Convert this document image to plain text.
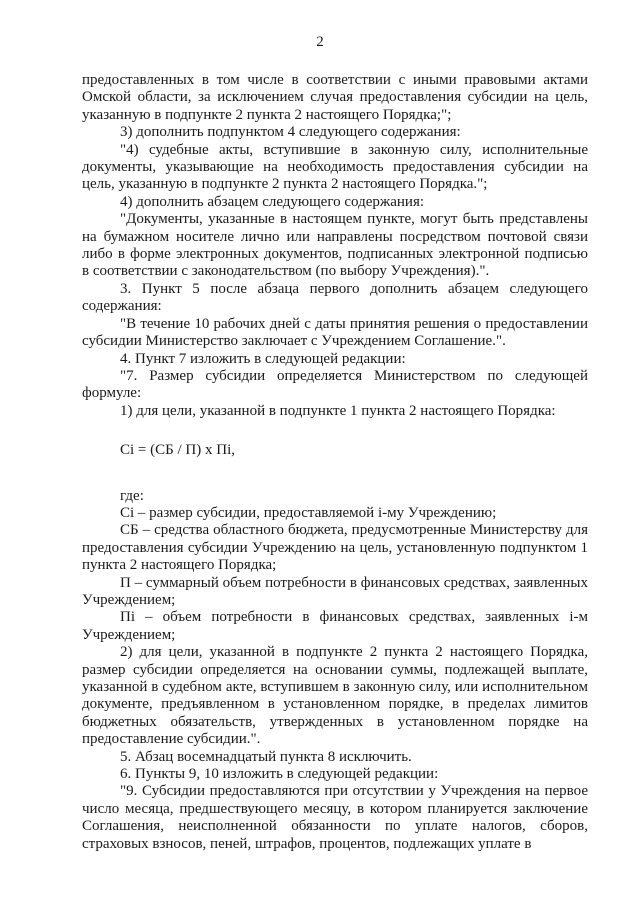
2

предоставленных в том числе в соответствии с иными правовыми актами Омской области, за исключением случая предоставления субсидии на цель, указанную в подпункте 2 пункта 2 настоящего Порядка;";

3) дополнить подпунктом 4 следующего содержания:

"4) судебные акты, вступившие в законную силу, исполнительные документы, указывающие на необходимость предоставления субсидии на цель, указанную в подпункте 2 пункта 2 настоящего Порядка.";

4) дополнить абзацем следующего содержания:

"Документы, указанные в настоящем пункте, могут быть представлены на бумажном носителе лично или направлены посредством почтовой связи либо в форме электронных документов, подписанных электронной подписью в соответствии с законодательством (по выбору Учреждения).".

3. Пункт 5 после абзаца первого дополнить абзацем следующего содержания:

"В течение 10 рабочих дней с даты принятия решения о предоставлении субсидии Министерство заключает с Учреждением Соглашение.".

4. Пункт 7 изложить в следующей редакции:

"7. Размер субсидии определяется Министерством по следующей формуле:

1) для цели, указанной в подпункте 1 пункта 2 настоящего Порядка:

Сi = (СБ / П) х Пi,

где:

Сi – размер субсидии, предоставляемой i-му Учреждению;

СБ – средства областного бюджета, предусмотренные Министерству для предоставления субсидии Учреждению на цель, установленную подпунктом 1 пункта 2 настоящего Порядка;

П – суммарный объем потребности в финансовых средствах, заявленных Учреждением;

Пi – объем потребности в финансовых средствах, заявленных i-м Учреждением;

2) для цели, указанной в подпункте 2 пункта 2 настоящего Порядка, размер субсидии определяется на основании суммы, подлежащей выплате, указанной в судебном акте, вступившем в законную силу, или исполнительном документе, предъявленном в установленном порядке, в пределах лимитов бюджетных обязательств, утвержденных в установленном порядке на предоставление субсидии.".

5. Абзац восемнадцатый пункта 8 исключить.

6. Пункты 9, 10 изложить в следующей редакции:

"9. Субсидии предоставляются при отсутствии у Учреждения на первое число месяца, предшествующего месяцу, в котором планируется заключение Соглашения, неисполненной обязанности по уплате налогов, сборов, страховых взносов, пеней, штрафов, процентов, подлежащих уплате в
